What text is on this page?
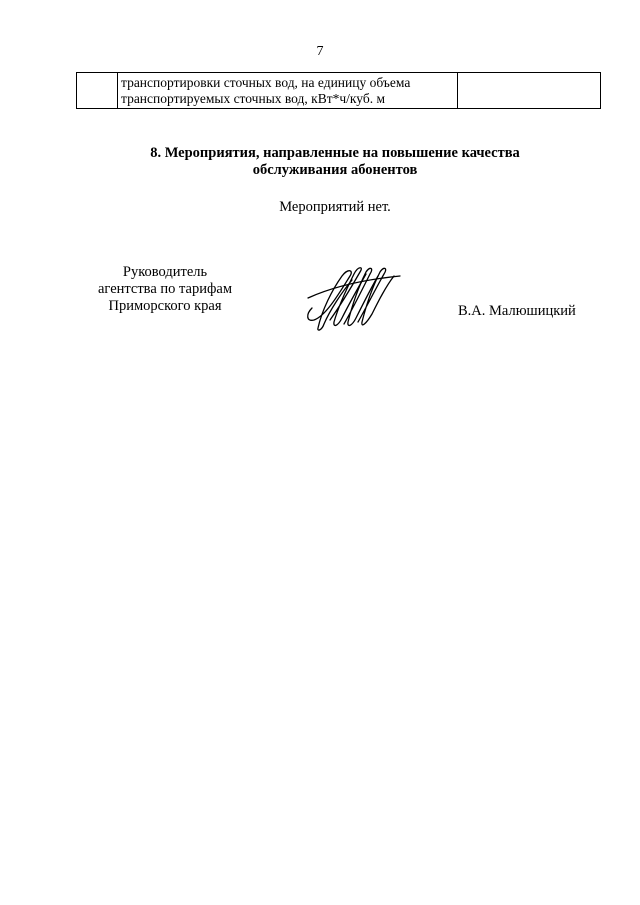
7

транспортировки сточных вод, на единицу объема
транспортируемых сточных вод, кВт*ч/куб. м

8. Мероприятия, направленные на повышение качества
обслуживания абонентов
Мероприятий нет.
Руководитель
агентства по тарифам
Приморского края	В.А. Малюшицкий
